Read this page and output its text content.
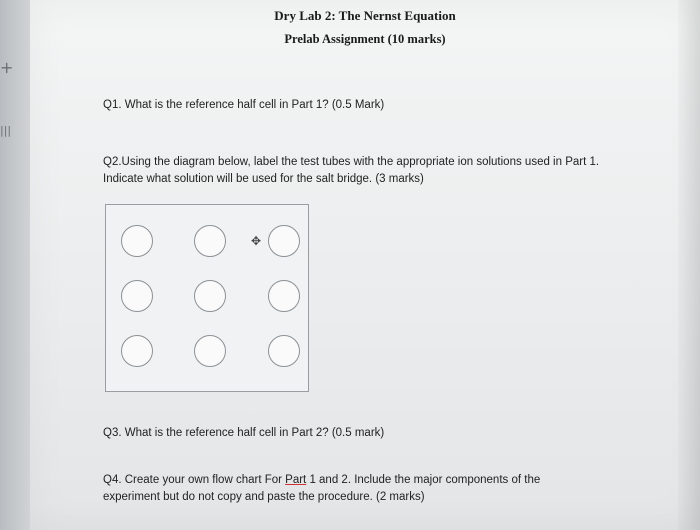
+
|||
Dry Lab 2: The Nernst Equation
Prelab Assignment (10 marks)
Q1. What is the reference half cell in Part 1? (0.5 Mark)
Q2.Using the diagram below, label the test tubes with the appropriate ion solutions used in Part 1. Indicate what solution will be used for the salt bridge. (3 marks)
✥
Q3. What is the reference half cell in Part 2? (0.5 mark)
Q4. Create your own flow chart For Part 1 and 2. Include the major components of the experiment but do not copy and paste the procedure. (2 marks)
